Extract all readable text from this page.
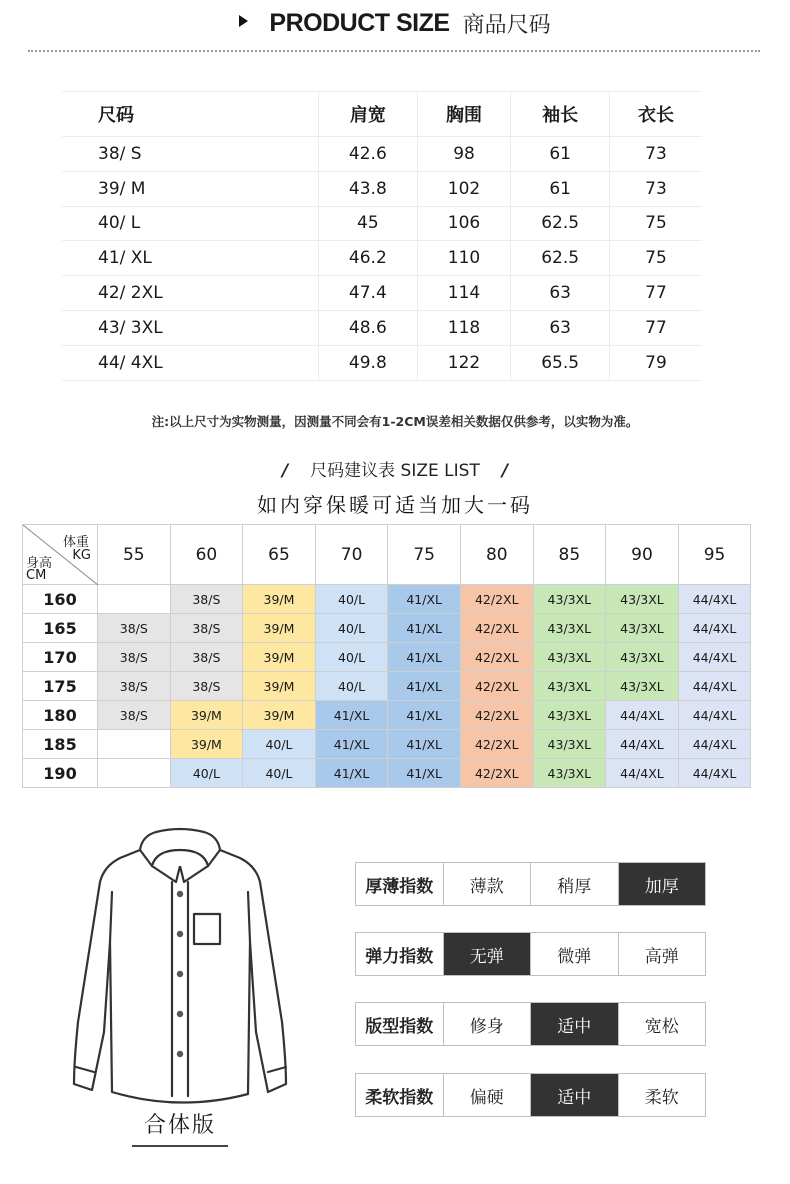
PRODUCT SIZE 商品尺码
尺码	肩宽	胸围	袖长	衣长
38/ S	42.6	98	61	73
39/ M	43.8	102	61	73
40/ L	45	106	62.5	75
41/ XL	46.2	110	62.5	75
42/ 2XL	47.4	114	63	77
43/ 3XL	48.6	118	63	77
44/ 4XL	49.8	122	65.5	79
注:以上尺寸为实物测量，因测量不同会有1-2CM误差相关数据仅供参考，以实物为准。
/ 尺码建议表 SIZE LIST /
如内穿保暖可适当加大一码
体重
KG
身高
CM	55	60	65	70	75	80	85	90	95
160		38/S	39/M	40/L	41/XL	42/2XL	43/3XL	43/3XL	44/4XL
165	38/S	38/S	39/M	40/L	41/XL	42/2XL	43/3XL	43/3XL	44/4XL
170	38/S	38/S	39/M	40/L	41/XL	42/2XL	43/3XL	43/3XL	44/4XL
175	38/S	38/S	39/M	40/L	41/XL	42/2XL	43/3XL	43/3XL	44/4XL
180	38/S	39/M	39/M	41/XL	41/XL	42/2XL	43/3XL	44/4XL	44/4XL
185		39/M	40/L	41/XL	41/XL	42/2XL	43/3XL	44/4XL	44/4XL
190		40/L	40/L	41/XL	41/XL	42/2XL	43/3XL	44/4XL	44/4XL
合体版
厚薄指数	薄款	稍厚	加厚
弹力指数	无弹	微弹	高弹
版型指数	修身	适中	宽松
柔软指数	偏硬	适中	柔软
